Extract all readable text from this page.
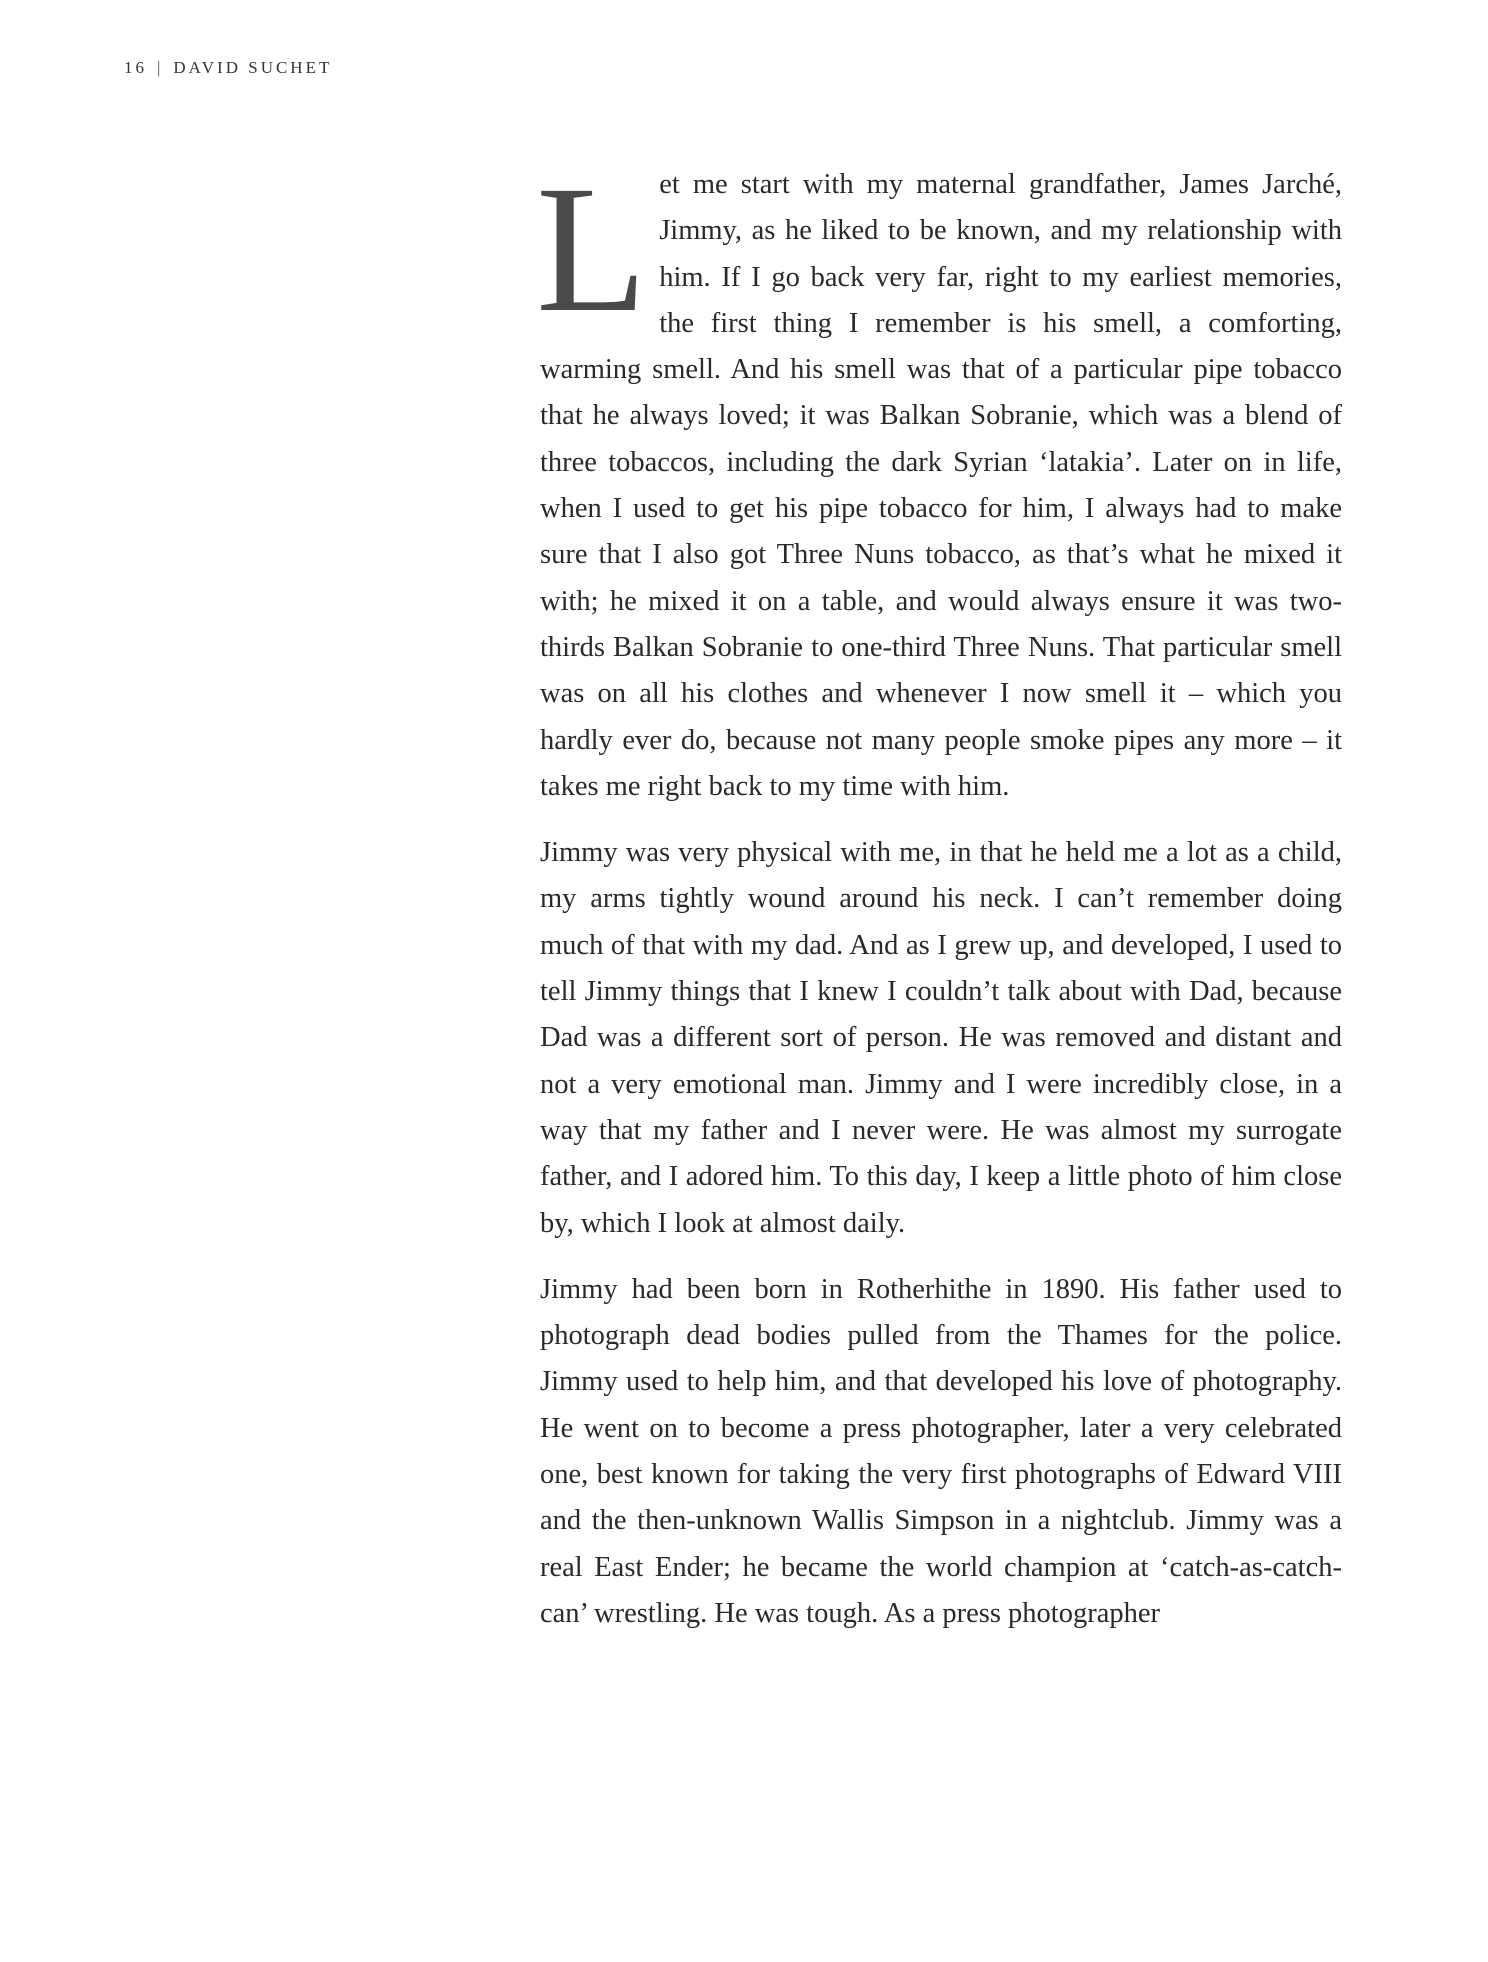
16 | DAVID SUCHET

Let me start with my maternal grandfather, James Jarché, Jimmy, as he liked to be known, and my relationship with him. If I go back very far, right to my earliest memories, the first thing I remember is his smell, a comforting, warming smell. And his smell was that of a particular pipe tobacco that he always loved; it was Balkan Sobranie, which was a blend of three tobaccos, including the dark Syrian ‘latakia’. Later on in life, when I used to get his pipe tobacco for him, I always had to make sure that I also got Three Nuns tobacco, as that’s what he mixed it with; he mixed it on a table, and would always ensure it was two-thirds Balkan Sobranie to one-third Three Nuns. That particular smell was on all his clothes and whenever I now smell it – which you hardly ever do, because not many people smoke pipes any more – it takes me right back to my time with him.

Jimmy was very physical with me, in that he held me a lot as a child, my arms tightly wound around his neck. I can’t remember doing much of that with my dad. And as I grew up, and developed, I used to tell Jimmy things that I knew I couldn’t talk about with Dad, because Dad was a different sort of person. He was removed and distant and not a very emotional man. Jimmy and I were incredibly close, in a way that my father and I never were. He was almost my surrogate father, and I adored him. To this day, I keep a little photo of him close by, which I look at almost daily.

Jimmy had been born in Rotherhithe in 1890. His father used to photograph dead bodies pulled from the Thames for the police. Jimmy used to help him, and that developed his love of photography. He went on to become a press photographer, later a very celebrated one, best known for taking the very first photographs of Edward VIII and the then-unknown Wallis Simpson in a nightclub. Jimmy was a real East Ender; he became the world champion at ‘catch-as-catch-can’ wrestling. He was tough. As a press photographer
